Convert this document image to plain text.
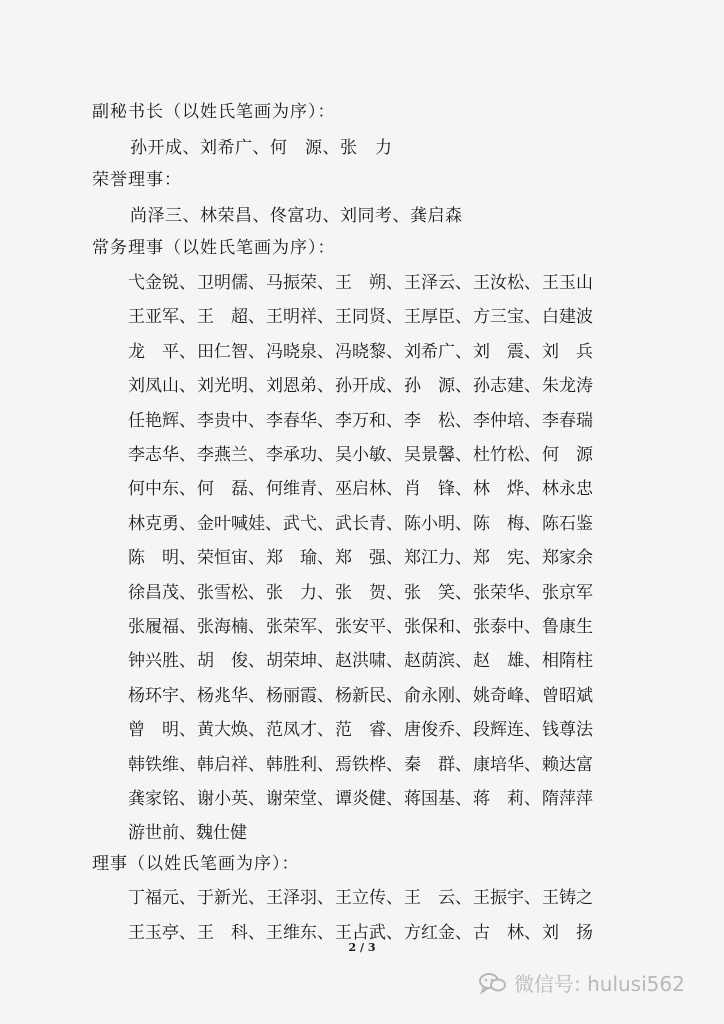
副秘书长（以姓氏笔画为序）：
孙开成、刘希广、何　源、张　力
荣誉理事：
尚泽三、林荣昌、佟富功、刘同考、龚启森
常务理事（以姓氏笔画为序）：
弋金锐、 卫明儒、 马振荣、 王　朔、 王泽云、 王汝松、 王玉山
王亚军、 王　超、 王明祥、 王同贤、 王厚臣、 方三宝、 白建波
龙　平、 田仁智、 冯晓泉、 冯晓黎、 刘希广、 刘　震、 刘　兵
刘凤山、 刘光明、 刘恩弟、 孙开成、 孙　源、 孙志建、 朱龙涛
任艳辉、 李贵中、 李春华、 李万和、 李　松、 李仲培、 李春瑞
李志华、 李燕兰、 李承功、 吴小敏、 吴景馨、 杜竹松、 何　源
何中东、 何　磊、 何维青、 巫启林、 肖　锋、 林　烨、 林永忠
林克勇、 金叶喊娃、 武弋、 武长青、 陈小明、 陈　梅、 陈石鉴
陈　明、 荣恒宙、 郑　瑜、 郑　强、 郑江力、 郑　宪、 郑家余
徐昌茂、 张雪松、 张　力、 张　贺、 张　笑、 张荣华、 张京军
张履福、 张海楠、 张荣军、 张安平、 张保和、 张泰中、 鲁康生
钟兴胜、 胡　俊、 胡荣坤、 赵洪啸、 赵荫滨、 赵　雄、 相隋柱
杨环宇、 杨兆华、 杨丽霞、 杨新民、 俞永刚、 姚奇峰、 曾昭斌
曾　明、 黄大焕、 范凤才、 范　睿、 唐俊乔、 段辉连、 钱尊法
韩铁维、 韩启祥、 韩胜利、 焉铁桦、 秦　群、 康培华、 赖达富
龚家铭、 谢小英、 谢荣堂、 谭炎健、 蒋国基、 蒋　莉、 隋萍萍
游世前、 魏仕健
理事（以姓氏笔画为序）：
丁福元、 于新光、 王泽羽、 王立传、 王　云、 王振宇、 王铸之
王玉亭、 王　科、 王维东、 王占武、 方红金、 古　林、 刘　扬
2 / 3
微信号: hulusi562
